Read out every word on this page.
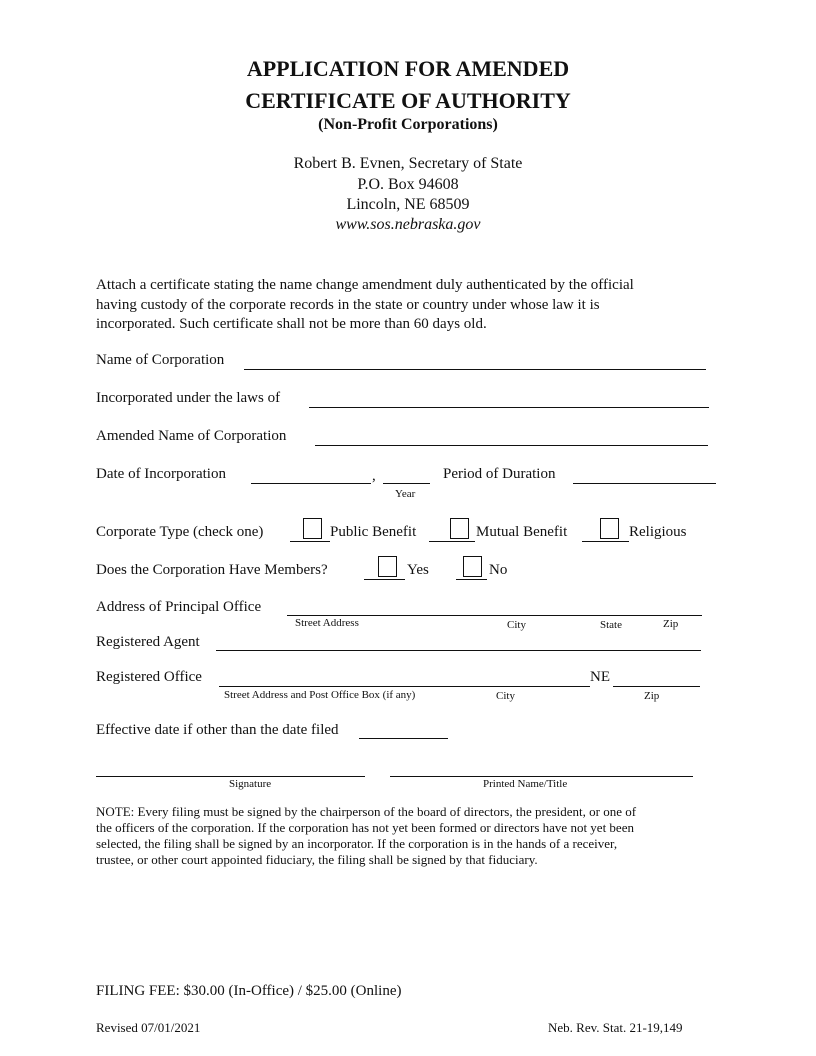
APPLICATION FOR AMENDED
CERTIFICATE OF AUTHORITY
(Non-Profit Corporations)
Robert B. Evnen, Secretary of State
P.O. Box 94608
Lincoln, NE 68509
www.sos.nebraska.gov
Attach a certificate stating the name change amendment duly authenticated by the official
having custody of the corporate records in the state or country under whose law it is
incorporated. Such certificate shall not be more than 60 days old.
Name of Corporation
Incorporated under the laws of
Amended Name of Corporation
Date of Incorporation	,
Year
Period of Duration
Corporate Type (check one)	Public Benefit	Mutual Benefit	Religious
Does the Corporation Have Members?	Yes	No
Address of Principal Office
Street Address	City	State	Zip
Registered Agent
Registered Office	NE
Street Address and Post Office Box (if any)	City	Zip
Effective date if other than the date filed
Signature	Printed Name/Title
NOTE: Every filing must be signed by the chairperson of the board of directors, the president, or one of
the officers of the corporation. If the corporation has not yet been formed or directors have not yet been
selected, the filing shall be signed by an incorporator. If the corporation is in the hands of a receiver,
trustee, or other court appointed fiduciary, the filing shall be signed by that fiduciary.
FILING FEE: $30.00 (In-Office) / $25.00 (Online)
Revised 07/01/2021	Neb. Rev. Stat. 21-19,149
